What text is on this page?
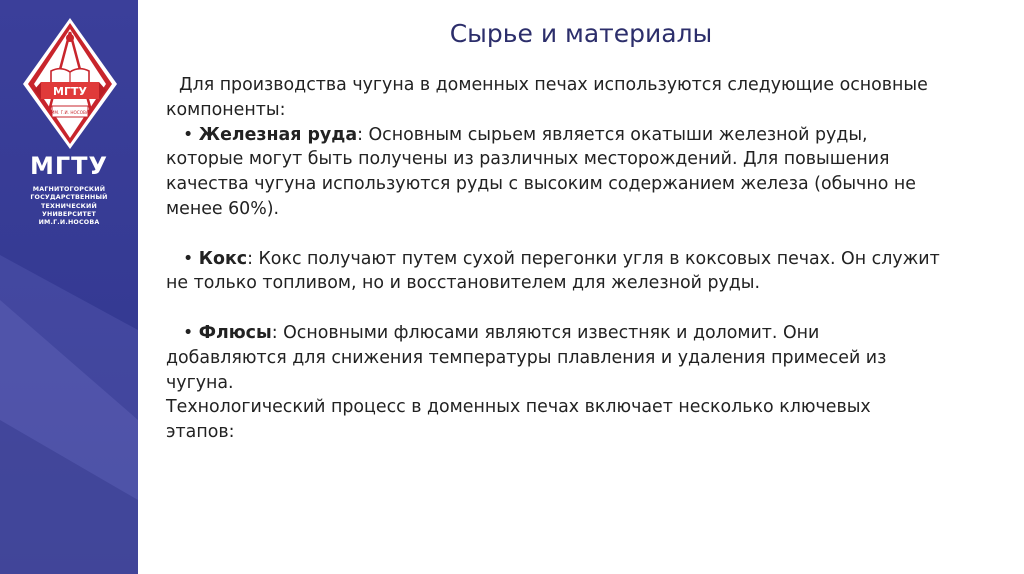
МГТУ
ИМ. Г.И. НОСОВА
МГТУ
МАГНИТОГОРСКИЙ
ГОСУДАРСТВЕННЫЙ
ТЕХНИЧЕСКИЙ
УНИВЕРСИТЕТ
ИМ.Г.И.НОСОВА
Сырье и материалы
Для производства чугуна в доменных печах используются следующие основные
компоненты:
• Железная руда: Основным сырьем является окатыши железной руды,
которые могут быть получены из различных месторождений. Для повышения
качества чугуна используются руды с высоким содержанием железа (обычно не
менее 60%).
• Кокс: Кокс получают путем сухой перегонки угля в коксовых печах. Он служит
не только топливом, но и восстановителем для железной руды.
• Флюсы: Основными флюсами являются известняк и доломит. Они
добавляются для снижения температуры плавления и удаления примесей из
чугуна.
Технологический процесс в доменных печах включает несколько ключевых
этапов:
